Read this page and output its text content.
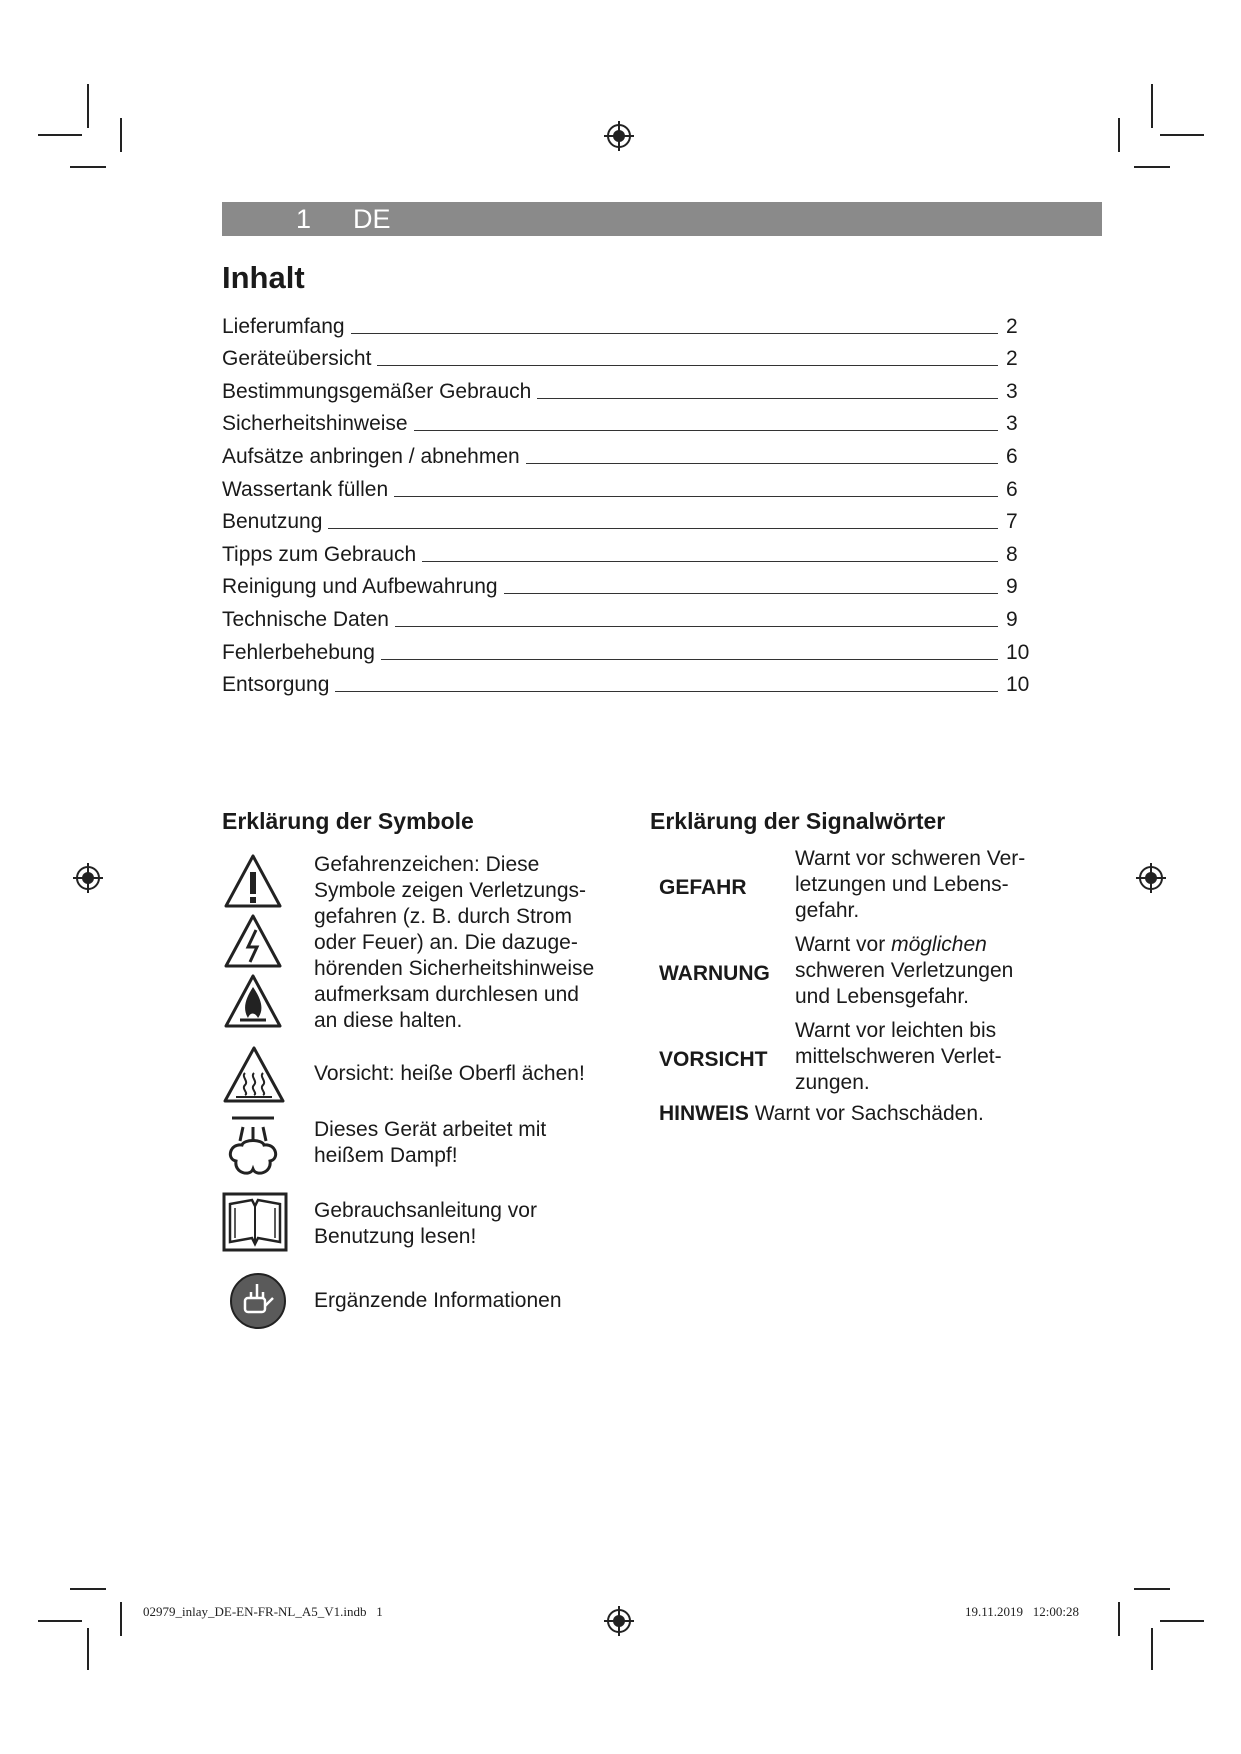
1 DE
Inhalt
Lieferumfang	2
Geräteübersicht	2
Bestimmungsgemäßer Gebrauch	3
Sicherheitshinweise	3
Aufsätze anbringen / abnehmen	6
Wassertank füllen	6
Benutzung	7
Tipps zum Gebrauch	8
Reinigung und Aufbewahrung	9
Technische Daten	9
Fehlerbehebung	10
Entsorgung	10
Erklärung der Symbole
Gefahrenzeichen: Diese
Symbole zeigen Verletzungs-
gefahren (z. B. durch Strom
oder Feuer) an. Die dazuge-
hörenden Sicherheitshinweise
aufmerksam durchlesen und
an diese halten.
Vorsicht: heiße Oberfl ächen!
Dieses Gerät arbeitet mit
heißem Dampf!
Gebrauchsanleitung vor
Benutzung lesen!
Ergänzende Informationen
Erklärung der Signalwörter
GEFAHR
Warnt vor schweren Ver-
letzungen und Lebens-
gefahr.
WARNUNG
Warnt vor möglichen
schweren Verletzungen
und Lebensgefahr.
VORSICHT
Warnt vor leichten bis
mittelschweren Verlet-
zungen.
HINWEIS Warnt vor Sachschäden.
02979_inlay_DE-EN-FR-NL_A5_V1.indb   1	19.11.2019   12:00:28
